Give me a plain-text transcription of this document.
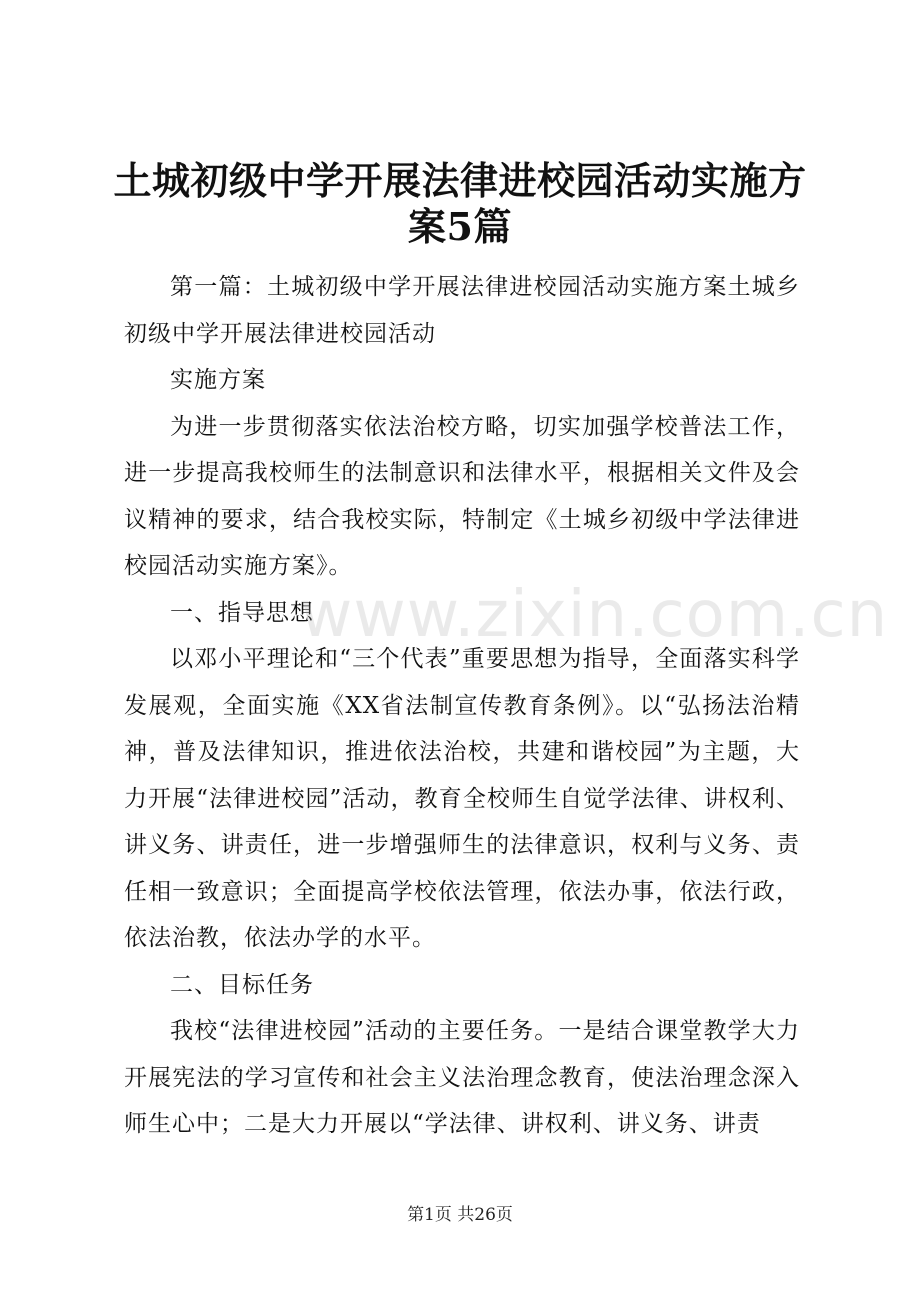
土城初级中学开展法律进校园活动实施方案5篇

第一篇：土城初级中学开展法律进校园活动实施方案土城乡初级中学开展法律进校园活动

实施方案

为进一步贯彻落实依法治校方略，切实加强学校普法工作，进一步提高我校师生的法制意识和法律水平，根据相关文件及会议精神的要求，结合我校实际，特制定《土城乡初级中学法律进校园活动实施方案》。

一、指导思想

以邓小平理论和“三个代表”重要思想为指导，全面落实科学发展观，全面实施《XX省法制宣传教育条例》。以“弘扬法治精神，普及法律知识，推进依法治校，共建和谐校园”为主题，大力开展“法律进校园”活动，教育全校师生自觉学法律、讲权利、讲义务、讲责任，进一步增强师生的法律意识，权利与义务、责任相一致意识；全面提高学校依法管理，依法办事，依法行政，依法治教，依法办学的水平。

二、目标任务

我校“法律进校园”活动的主要任务。一是结合课堂教学大力开展宪法的学习宣传和社会主义法治理念教育，使法治理念深入师生心中；二是大力开展以“学法律、讲权利、讲义务、讲责

www.zixin.com.cn
第1页 共26页
